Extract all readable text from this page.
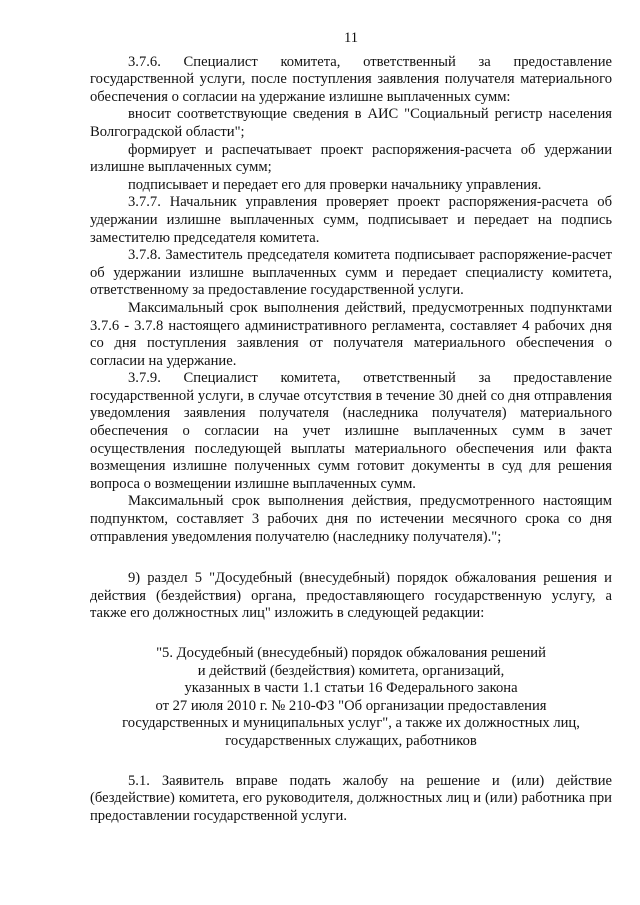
11

3.7.6. Специалист комитета, ответственный за предоставление государственной услуги, после поступления заявления получателя материального обеспечения о согласии на удержание излишне выплаченных сумм:

вносит соответствующие сведения в АИС "Социальный регистр населения Волгоградской области";

формирует и распечатывает проект распоряжения-расчета об удержании излишне выплаченных сумм;

подписывает и передает его для проверки начальнику управления.

3.7.7. Начальник управления проверяет проект распоряжения-расчета об удержании излишне выплаченных сумм, подписывает и передает на подпись заместителю председателя комитета.

3.7.8. Заместитель председателя комитета подписывает распоряжение-расчет об удержании излишне выплаченных сумм и передает специалисту комитета, ответственному за предоставление государственной услуги.

Максимальный срок выполнения действий, предусмотренных подпунктами 3.7.6 - 3.7.8 настоящего административного регламента, составляет 4 рабочих дня со дня поступления заявления от получателя материального обеспечения о согласии на удержание.

3.7.9. Специалист комитета, ответственный за предоставление государственной услуги, в случае отсутствия в течение 30 дней со дня отправления уведомления заявления получателя (наследника получателя) материального обеспечения о согласии на учет излишне выплаченных сумм в зачет осуществления последующей выплаты материального обеспечения или факта возмещения излишне полученных сумм готовит документы в суд для решения вопроса о возмещении излишне выплаченных сумм.

Максимальный срок выполнения действия, предусмотренного настоящим подпунктом, составляет 3 рабочих дня по истечении месячного срока со дня отправления уведомления получателю (наследнику получателя).";

9) раздел 5 "Досудебный (внесудебный) порядок обжалования решения и действия (бездействия) органа, предоставляющего государственную услугу, а также его должностных лиц" изложить в следующей редакции:

"5. Досудебный (внесудебный) порядок обжалования решений
и действий (бездействия) комитета, организаций,
указанных в части 1.1 статьи 16 Федерального закона
от 27 июля 2010 г. № 210-ФЗ "Об организации предоставления
государственных и муниципальных услуг", а также их должностных лиц,
государственных служащих, работников

5.1. Заявитель вправе подать жалобу на решение и (или) действие (бездействие) комитета, его руководителя, должностных лиц и (или) работника при предоставлении государственной услуги.
